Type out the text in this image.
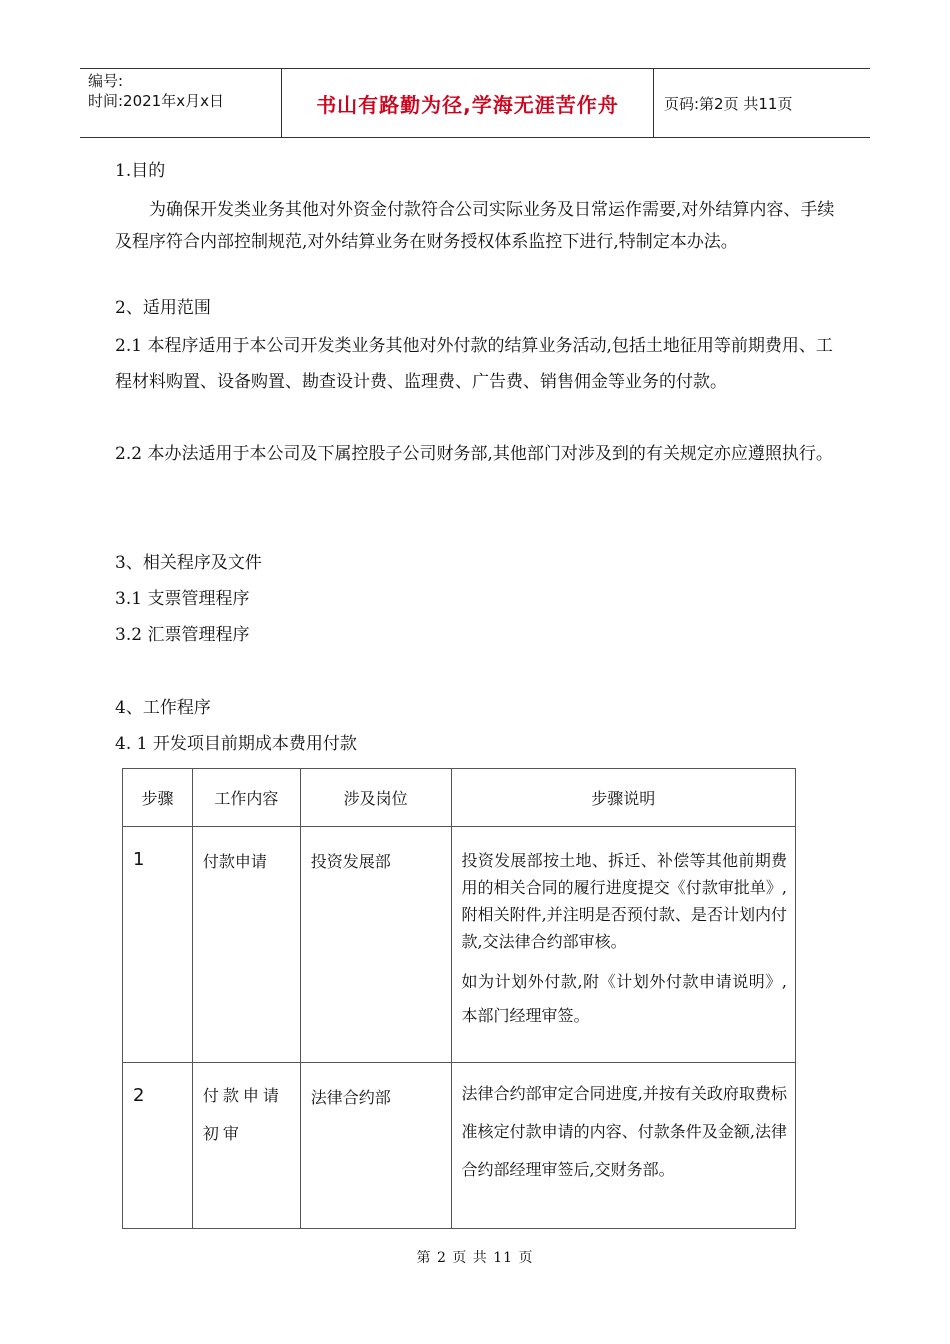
编号:
时间:2021年x月x日	书山有路勤为径,学海无涯苦作舟	页码:第2页 共11页
1.目的
为确保开发类业务其他对外资金付款符合公司实际业务及日常运作需要,对外结算内容、手续及程序符合内部控制规范,对外结算业务在财务授权体系监控下进行,特制定本办法。
2、适用范围
2.1 本程序适用于本公司开发类业务其他对外付款的结算业务活动,包括土地征用等前期费用、工程材料购置、设备购置、勘查设计费、监理费、广告费、销售佣金等业务的付款。
2.2 本办法适用于本公司及下属控股子公司财务部,其他部门对涉及到的有关规定亦应遵照执行。
3、相关程序及文件
3.1 支票管理程序
3.2 汇票管理程序
4、工作程序
4. 1 开发项目前期成本费用付款
步骤	工作内容	涉及岗位	步骤说明
1	付款申请	投资发展部	投资发展部按土地、拆迁、补偿等其他前期费用的相关合同的履行进度提交《付款审批单》,附相关附件,并注明是否预付款、是否计划内付款,交法律合约部审核。

如为计划外付款,附《计划外付款申请说明》,本部门经理审签。

2	付款申请初审	法律合约部	法律合约部审定合同进度,并按有关政府取费标准核定付款申请的内容、付款条件及金额,法律合约部经理审签后,交财务部。

第 2 页 共 11 页
